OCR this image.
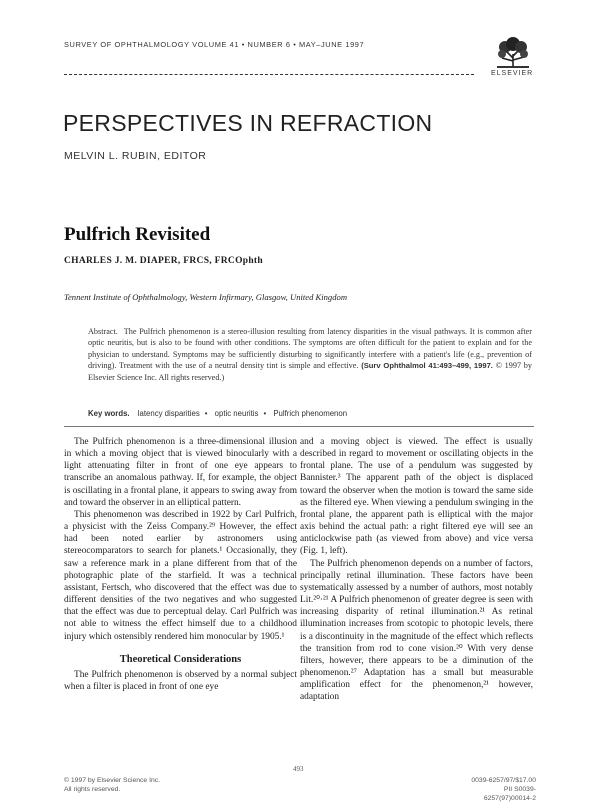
SURVEY OF OPHTHALMOLOGY VOLUME 41 • NUMBER 6 • MAY–JUNE 1997
ELSEVIER
PERSPECTIVES IN REFRACTION
MELVIN L. RUBIN, EDITOR
Pulfrich Revisited
CHARLES J. M. DIAPER, FRCS, FRCOphth
Tennent Institute of Ophthalmology, Western Infirmary, Glasgow, United Kingdom
Abstract. The Pulfrich phenomenon is a stereo-illusion resulting from latency disparities in the visual pathways. It is common after optic neuritis, but is also to be found with other conditions. The symptoms are often difficult for the patient to explain and for the physician to understand. Symptoms may be sufficiently disturbing to significantly interfere with a patient's life (e.g., prevention of driving). Treatment with the use of a neutral density tint is simple and effective. (Surv Ophthalmol 41:493–499, 1997. © 1997 by Elsevier Science Inc. All rights reserved.)
Key words. latency disparities • optic neuritis • Pulfrich phenomenon

The Pulfrich phenomenon is a three-dimensional illusion in which a moving object that is viewed binocularly with a light attenuating filter in front of one eye appears to transcribe an anomalous pathway. If, for example, the object is oscillating in a frontal plane, it appears to swing away from and toward the observer in an elliptical pattern.

This phenomenon was described in 1922 by Carl Pulfrich, a physicist with the Zeiss Company.²⁹ However, the effect had been noted earlier by astronomers using stereocomparators to search for planets.¹ Occasionally, they saw a reference mark in a plane different from that of the photographic plate of the starfield. It was a technical assistant, Fertsch, who discovered that the effect was due to different densities of the two negatives and who suggested that the effect was due to perceptual delay. Carl Pulfrich was not able to witness the effect himself due to a childhood injury which ostensibly rendered him monocular by 1905.¹

Theoretical Considerations

The Pulfrich phenomenon is observed by a normal subject when a filter is placed in front of one eye

and a moving object is viewed. The effect is usually described in regard to movement or oscillating objects in the frontal plane. The use of a pendulum was suggested by Bannister.³ The apparent path of the object is displaced toward the observer when the motion is toward the same side as the filtered eye. When viewing a pendulum swinging in the frontal plane, the apparent path is elliptical with the major axis behind the actual path: a right filtered eye will see an anticlockwise path (as viewed from above) and vice versa (Fig. 1, left).

The Pulfrich phenomenon depends on a number of factors, principally retinal illumination. These factors have been systematically assessed by a number of authors, most notably Lit.²⁰·²¹ A Pulfrich phenomenon of greater degree is seen with increasing disparity of retinal illumination.²¹ As retinal illumination increases from scotopic to photopic levels, there is a discontinuity in the magnitude of the effect which reflects the transition from rod to cone vision.²⁰ With very dense filters, however, there appears to be a diminution of the phenomenon.²⁷ Adaptation has a small but measurable amplification effect for the phenomenon,²¹ however, adaptation

493
© 1997 by Elsevier Science Inc.
All rights reserved.
0039-6257/97/$17.00
PII S0039-6257(97)00014-2
